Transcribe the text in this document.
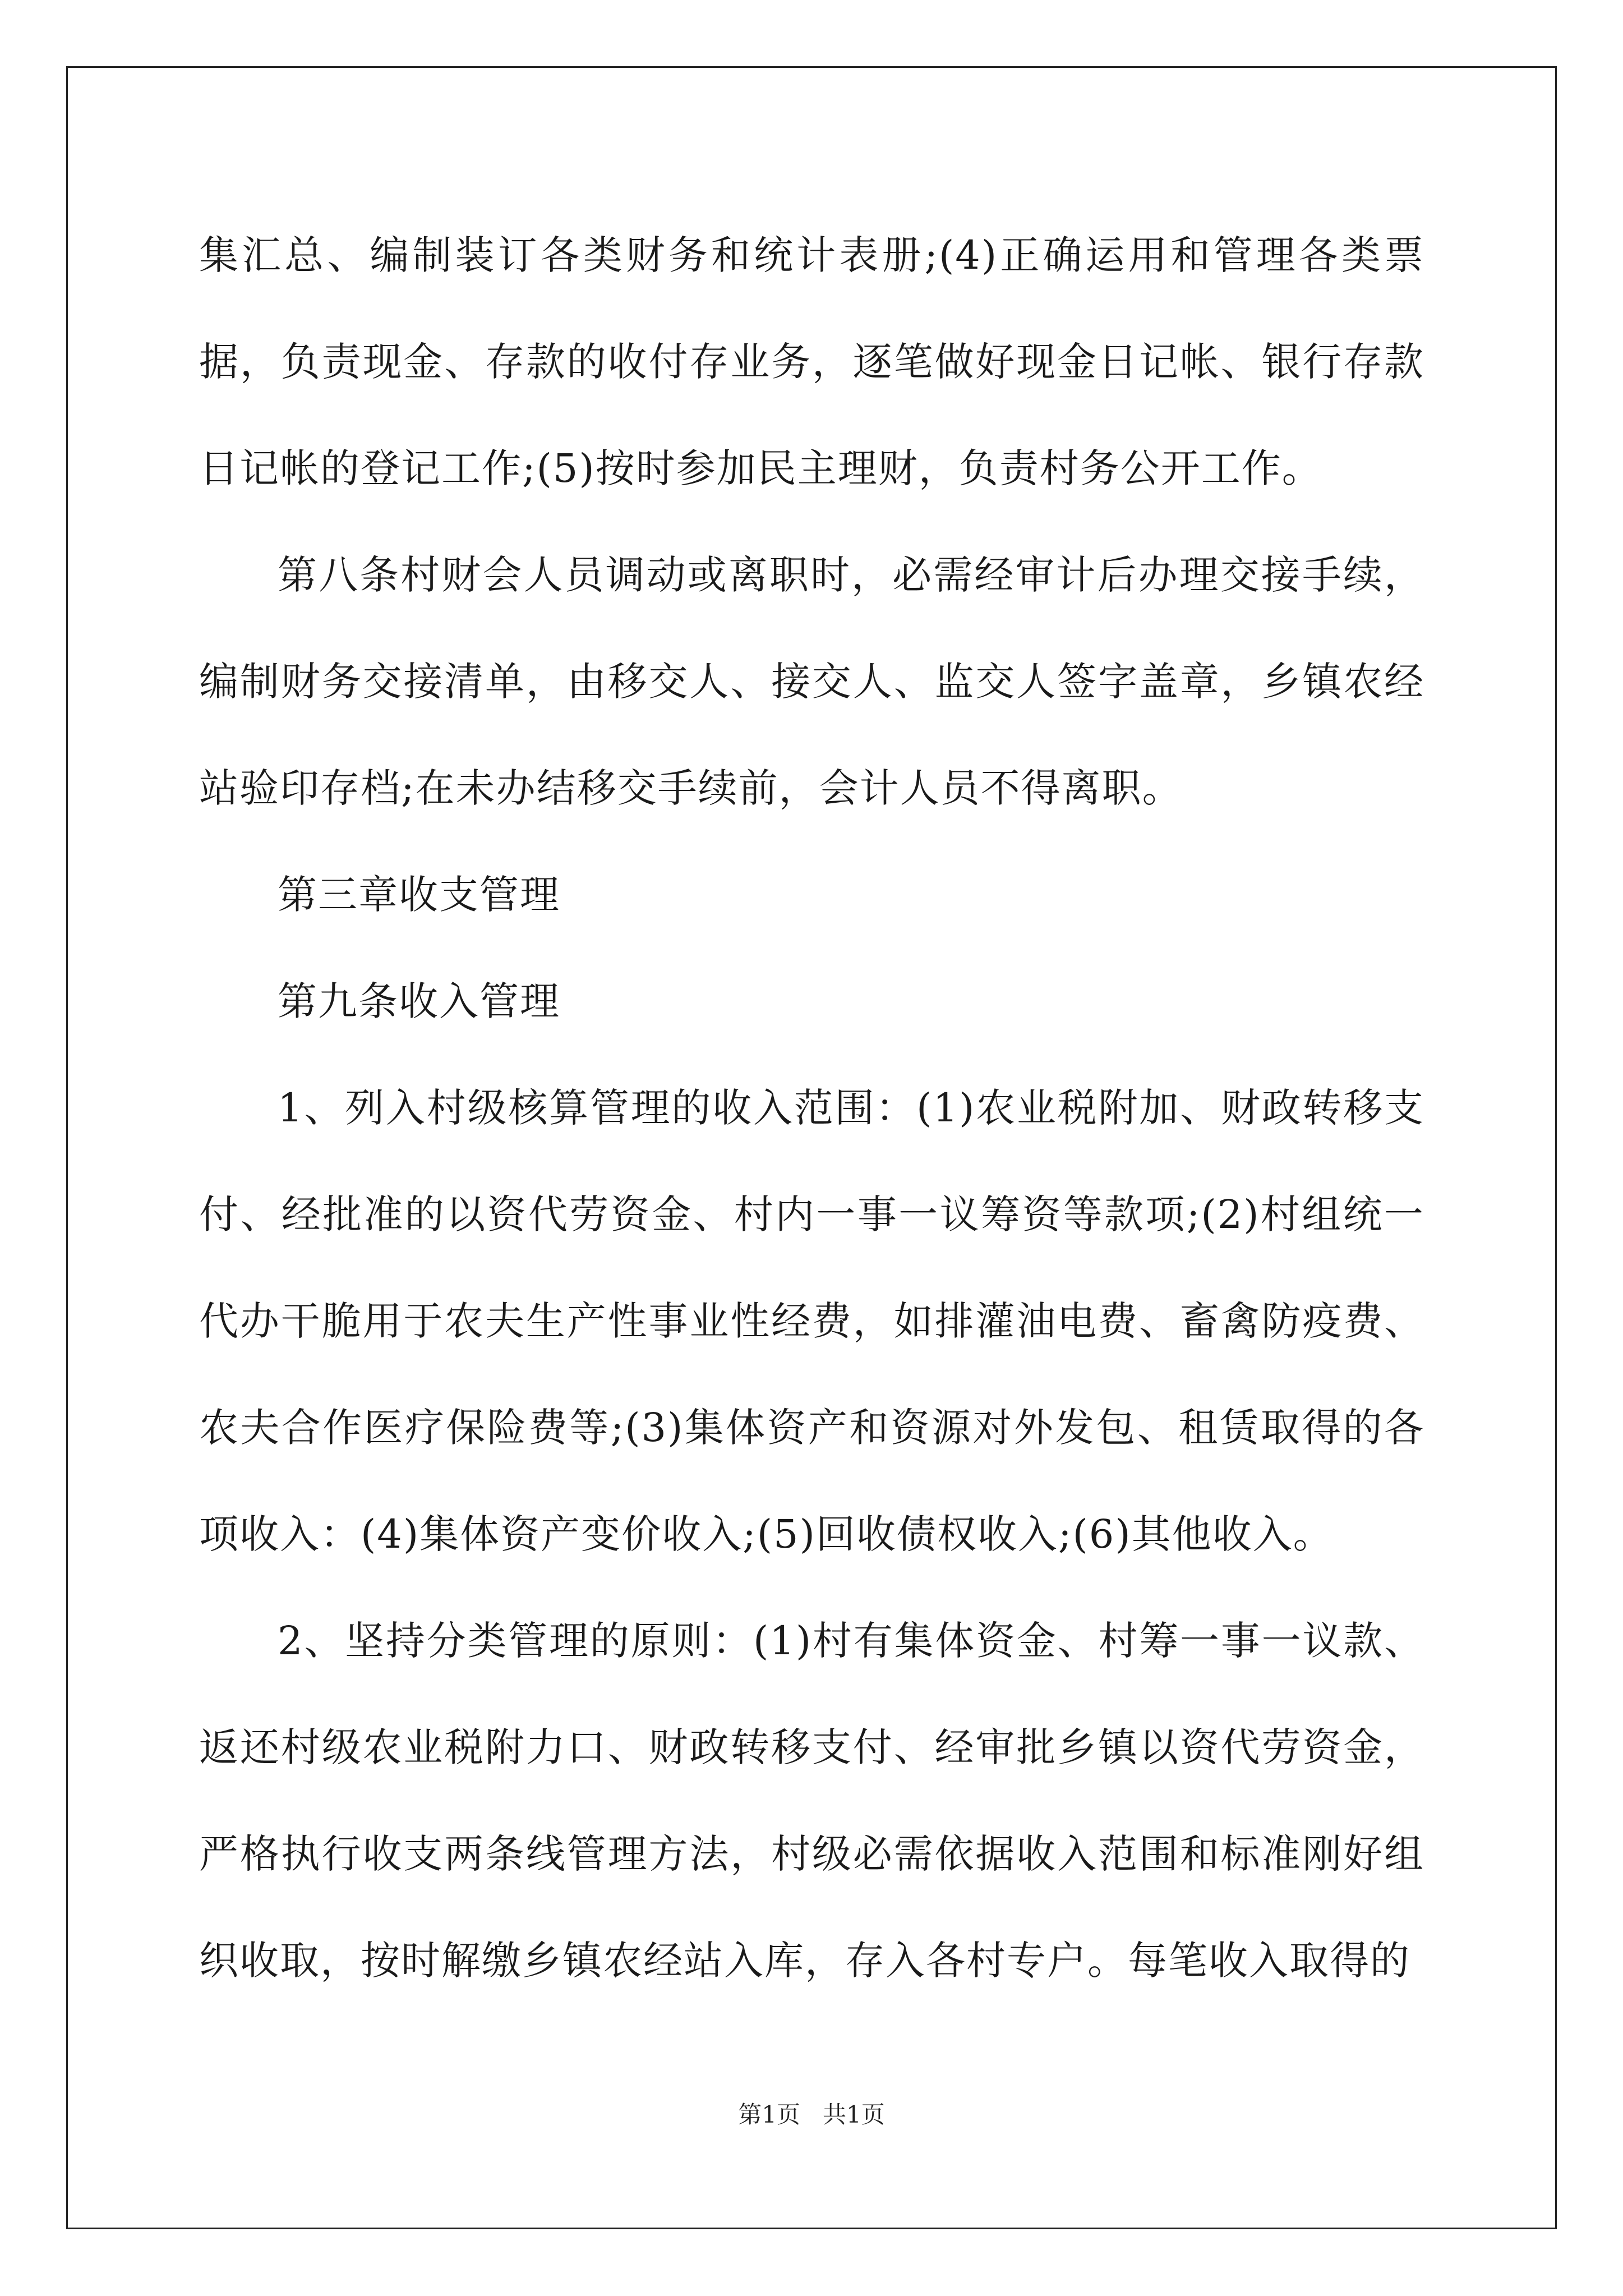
集汇总、编制装订各类财务和统计表册;(4)正确运用和管理各类票据，负责现金、存款的收付存业务，逐笔做好现金日记帐、银行存款日记帐的登记工作;(5)按时参加民主理财，负责村务公开工作。

第八条村财会人员调动或离职时，必需经审计后办理交接手续，编制财务交接清单，由移交人、接交人、监交人签字盖章，乡镇农经站验印存档;在未办结移交手续前，会计人员不得离职。

第三章收支管理

第九条收入管理

1、列入村级核算管理的收入范围：(1)农业税附加、财政转移支付、经批准的以资代劳资金、村内一事一议筹资等款项;(2)村组统一代办干脆用于农夫生产性事业性经费，如排灌油电费、畜禽防疫费、农夫合作医疗保险费等;(3)集体资产和资源对外发包、租赁取得的各项收入：(4)集体资产变价收入;(5)回收债权收入;(6)其他收入。

2、坚持分类管理的原则：(1)村有集体资金、村筹一事一议款、返还村级农业税附力口、财政转移支付、经审批乡镇以资代劳资金，严格执行收支两条线管理方法，村级必需依据收入范围和标准刚好组织收取，按时解缴乡镇农经站入库，存入各村专户。每笔收入取得的

第1页 共1页
